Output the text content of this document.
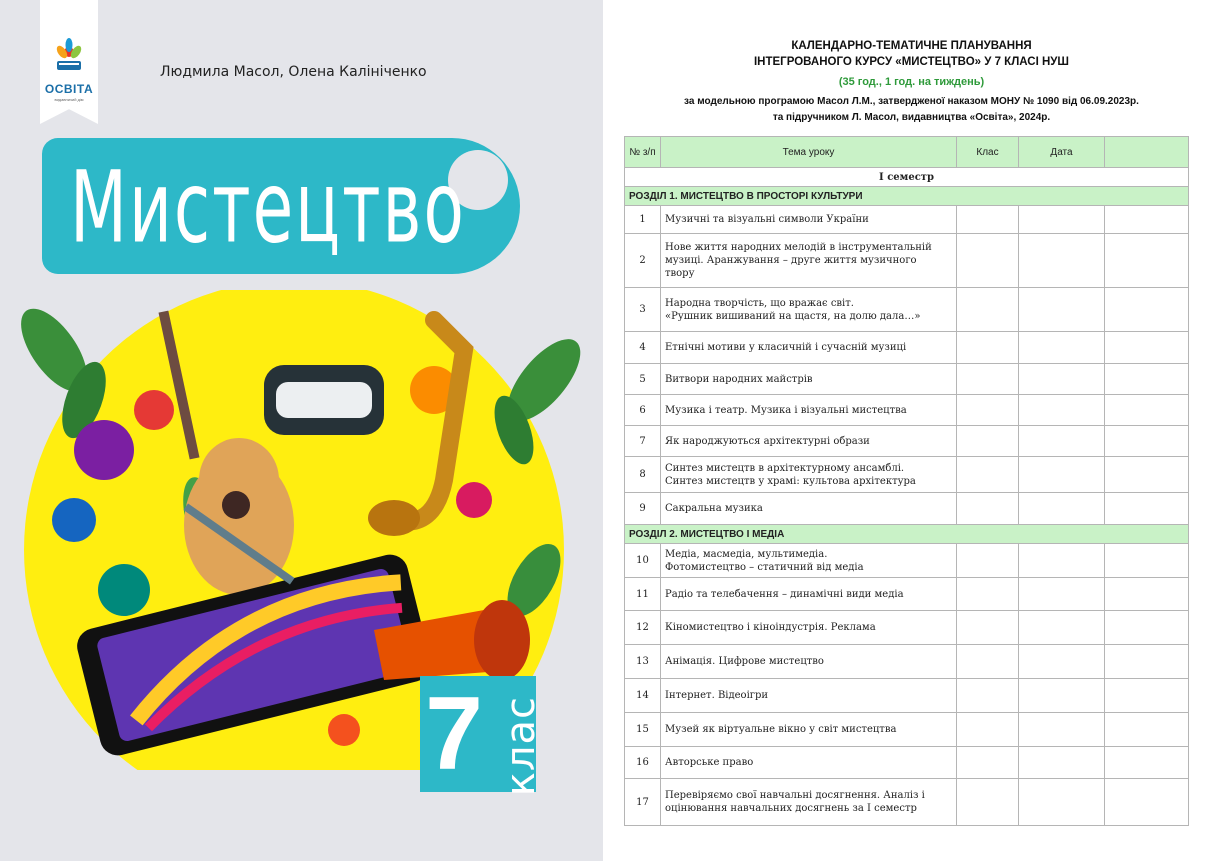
ОСВІТА
видавничий дім
Людмила Масол, Олена Калініченко
Мистецтво
7 клас
КАЛЕНДАРНО-ТЕМАТИЧНЕ ПЛАНУВАННЯ
ІНТЕГРОВАНОГО КУРСУ «МИСТЕЦТВО» У 7 КЛАСІ НУШ
(35 год., 1 год. на тиждень)
за модельною програмою Масол Л.М., затвердженої наказом МОНУ № 1090 від 06.09.2023р.
та підручником Л. Масол, видавництва «Освіта», 2024р.
№ з/п	Тема уроку	Клас	Дата	
І семестр				
РОЗДІЛ 1. МИСТЕЦТВО В ПРОСТОРІ КУЛЬТУРИ				
1	Музичні та візуальні символи України			

2	Нове життя народних мелодій в інструментальній
музиці. Аранжування – друге життя музичного
твору			

3	Народна творчість, що вражає світ.
«Рушник вишиваний на щастя, на долю дала…»			

4	Етнічні мотиви у класичній і сучасній музиці			

5	Витвори народних майстрів			

6	Музика і театр. Музика і візуальні мистецтва			

7	Як народжуються архітектурні образи			

8	Синтез мистецтв в архітектурному ансамблі.
Синтез мистецтв у храмі: культова архітектура			

9	Сакральна музика			

РОЗДІЛ 2. МИСТЕЦТВО І МЕДІА				
10	Медіа, масмедіа, мультимедіа.
Фотомистецтво – статичний від медіа			

11	Радіо та телебачення – динамічні види медіа			

12	Кіномистецтво і кіноіндустрія. Реклама			

13	Анімація. Цифрове мистецтво			

14	Інтернет. Відеоігри			

15	Музей як віртуальне вікно у світ мистецтва			

16	Авторське право			

17	Перевіряємо свої навчальні досягнення. Аналіз і
оцінювання навчальних досягнень за І семестр			
